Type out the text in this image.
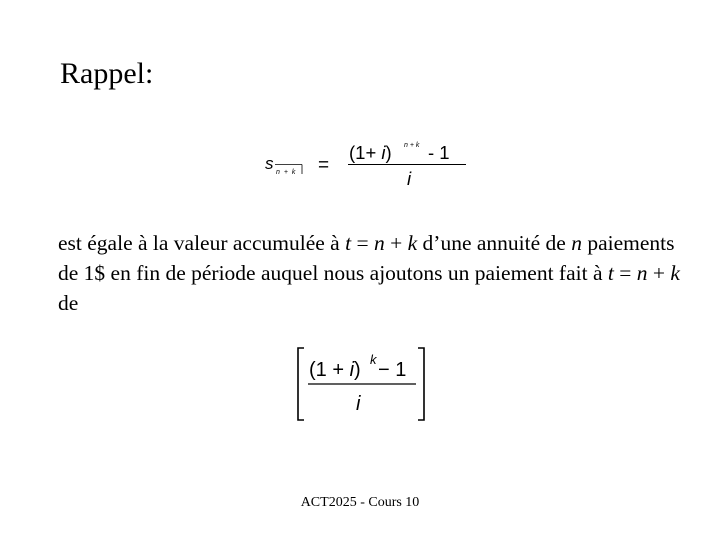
Rappel:
s n + k =
(1+ i) n + k - 1
i
est égale à la valeur accumulée à t = n + k d’une annuité de n paiements de 1$ en fin de période auquel nous ajoutons un paiement fait à t = n + k de
(1 + i) k − 1
i
ACT2025 - Cours 10
